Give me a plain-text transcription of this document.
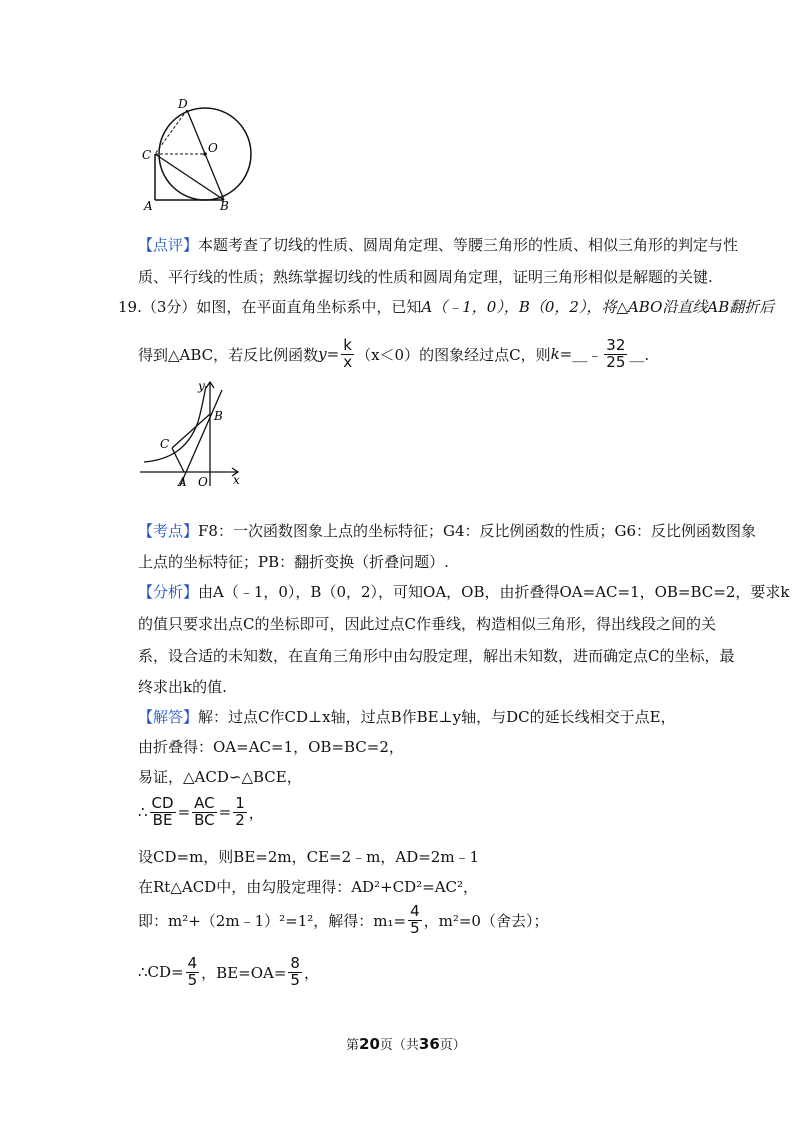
D
O
C
A	B
【点评】本题考查了切线的性质、圆周角定理、等腰三角形的性质、相似三角形的判定与性
质、平行线的性质；熟练掌握切线的性质和圆周角定理，证明三角形相似是解题的关键.
19.（3分）如图，在平面直角坐标系中，已知A（﹣1，0），B（0，2），将△ABO沿直线AB翻折后
得到△ABC，若反比例函数 $y= \frac{k}{x} (x<0)$的图象经过点C，则 k= ＿ ﹣ $\frac{32}{25}$ ＿.
y
x
B
C
A O
【考点】F8：一次函数图象上点的坐标特征；G4：反比例函数的性质；G6：反比例函数图象
上点的坐标特征；PB：翻折变换（折叠问题）.
【分析】由A（﹣1，0），B（0，2），可知OA，OB，由折叠得OA=AC=1，OB=BC=2，要求k
的值只要求出点C的坐标即可，因此过点C作垂线，构造相似三角形，得出线段之间的关
系，设合适的未知数，在直角三角形中由勾股定理，解出未知数，进而确定点C的坐标，最
终求出k的值.
【解答】解：过点C作CD⊥x轴，过点B作BE⊥y轴，与DC的延长线相交于点E，
由折叠得：OA=AC=1，OB=BC=2，
易证，△ACD∽△BCE，
∴ $\frac{CD}{BE} = \frac{AC}{BC} = \frac{1}{2}$ ，
设CD=m，则BE=2m，CE=2﹣m，AD=2m﹣1
在Rt△ACD中，由勾股定理得：AD²+CD²=AC²，
即：m²+（2m﹣1）²=1²，解得：$m_1= \frac{4}{5}$ ，m²=0（舍去）；
∴CD= $\frac{4}{5}$ ，$BE=OA= \frac{8}{5}$ ，
第20页（共36页）
